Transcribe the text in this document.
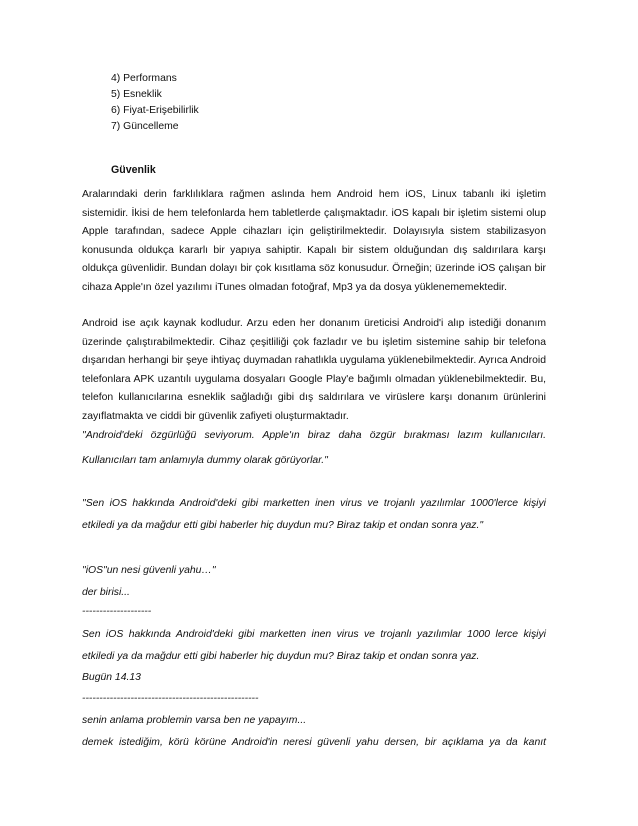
4) Performans
5) Esneklik
6) Fiyat-Erişebilirlik
7) Güncelleme
Güvenlik

Aralarındaki derin farklılıklara rağmen aslında hem Android hem iOS, Linux tabanlı iki işletim sistemidir. İkisi de hem telefonlarda hem tabletlerde çalışmaktadır. iOS kapalı bir işletim sistemi olup Apple tarafından, sadece Apple cihazları için geliştirilmektedir. Dolayısıyla sistem stabilizasyon konusunda oldukça kararlı bir yapıya sahiptir. Kapalı bir sistem olduğundan dış saldırılara karşı oldukça güvenlidir. Bundan dolayı bir çok kısıtlama söz konusudur. Örneğin; üzerinde iOS çalışan bir cihaza Apple'ın özel yazılımı iTunes olmadan fotoğraf, Mp3 ya da dosya yüklenememektedir.

Android ise açık kaynak kodludur. Arzu eden her donanım üreticisi Android'i alıp istediği donanım üzerinde çalıştırabilmektedir. Cihaz çeşitliliği çok fazladır ve bu işletim sistemine sahip bir telefona dışarıdan herhangi bir şeye ihtiyaç duymadan rahatlıkla uygulama yüklenebilmektedir. Ayrıca Android telefonlara APK uzantılı uygulama dosyaları Google Play'e bağımlı olmadan yüklenebilmektedir. Bu, telefon kullanıcılarına esneklik sağladığı gibi dış saldırılara ve virüslere karşı donanım ürünlerini zayıflatmakta ve ciddi bir güvenlik zafiyeti oluşturmaktadır.

"Android'deki özgürlüğü seviyorum. Apple'ın biraz daha özgür bırakması lazım kullanıcıları.
Kullanıcıları tam anlamıyla dummy olarak görüyorlar."
"Sen iOS hakkında Android'deki gibi marketten inen virus ve trojanlı yazılımlar 1000'lerce kişiyi
etkiledi ya da mağdur etti gibi haberler hiç duydun mu? Biraz takip et ondan sonra yaz."
"iOS"un nesi güvenli yahu…"
der birisi...
--------------------
Sen iOS hakkında Android'deki gibi marketten inen virus ve trojanlı yazılımlar 1000 lerce kişiyi
etkiledi ya da mağdur etti gibi haberler hiç duydun mu? Biraz takip et ondan sonra yaz.
Bugün 14.13
---------------------------------------------------
senin anlama problemin varsa ben ne yapayım...
demek istediğim, körü körüne Android'in neresi güvenli yahu dersen, bir açıklama ya da kanıt
